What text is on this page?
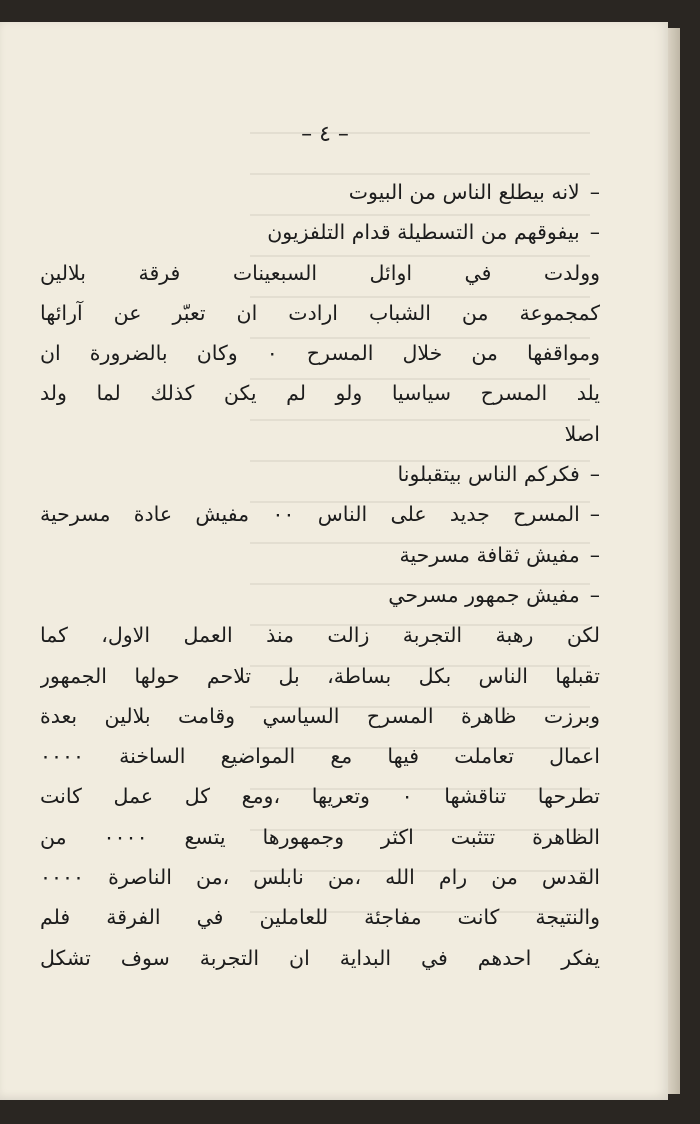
– ٤ –
–لانه بيطلع الناس من البيوت
–بيفوقهم من التسطيلة قدام التلفزيون
وولدت في اوائل السبعينات فرقة بلالين
كمجموعة من الشباب ارادت ان تعبّر عن آرائها
ومواقفها من خلال المسرح ٠ وكان بالضرورة ان
يلد المسرح سياسيا ولو لم يكن كذلك لما ولد
اصلا
–فكركم الناس بيتقبلونا
–المسرح جديد على الناس ٠٠ مفيش عادة مسرحية
–مفيش ثقافة مسرحية
–مفيش جمهور مسرحي
لكن رهبة التجربة زالت منذ العمل الاول، كما
تقبلها الناس بكل بساطة، بل تلاحم حولها الجمهور
وبرزت ظاهرة المسرح السياسي وقامت بلالين بعدة
اعمال تعاملت فيها مع المواضيع الساخنة ٠٠٠٠
تطرحها تناقشها ٠ وتعريها ،ومع كل عمل كانت
الظاهرة تتثبت اكثر وجمهورها يتسع ٠٠٠٠ من
القدس من رام الله ،من نابلس ،من الناصرة ٠٠٠٠
والنتيجة كانت مفاجئة للعاملين في الفرقة فلم
يفكر احدهم في البداية ان التجربة سوف تشكل
